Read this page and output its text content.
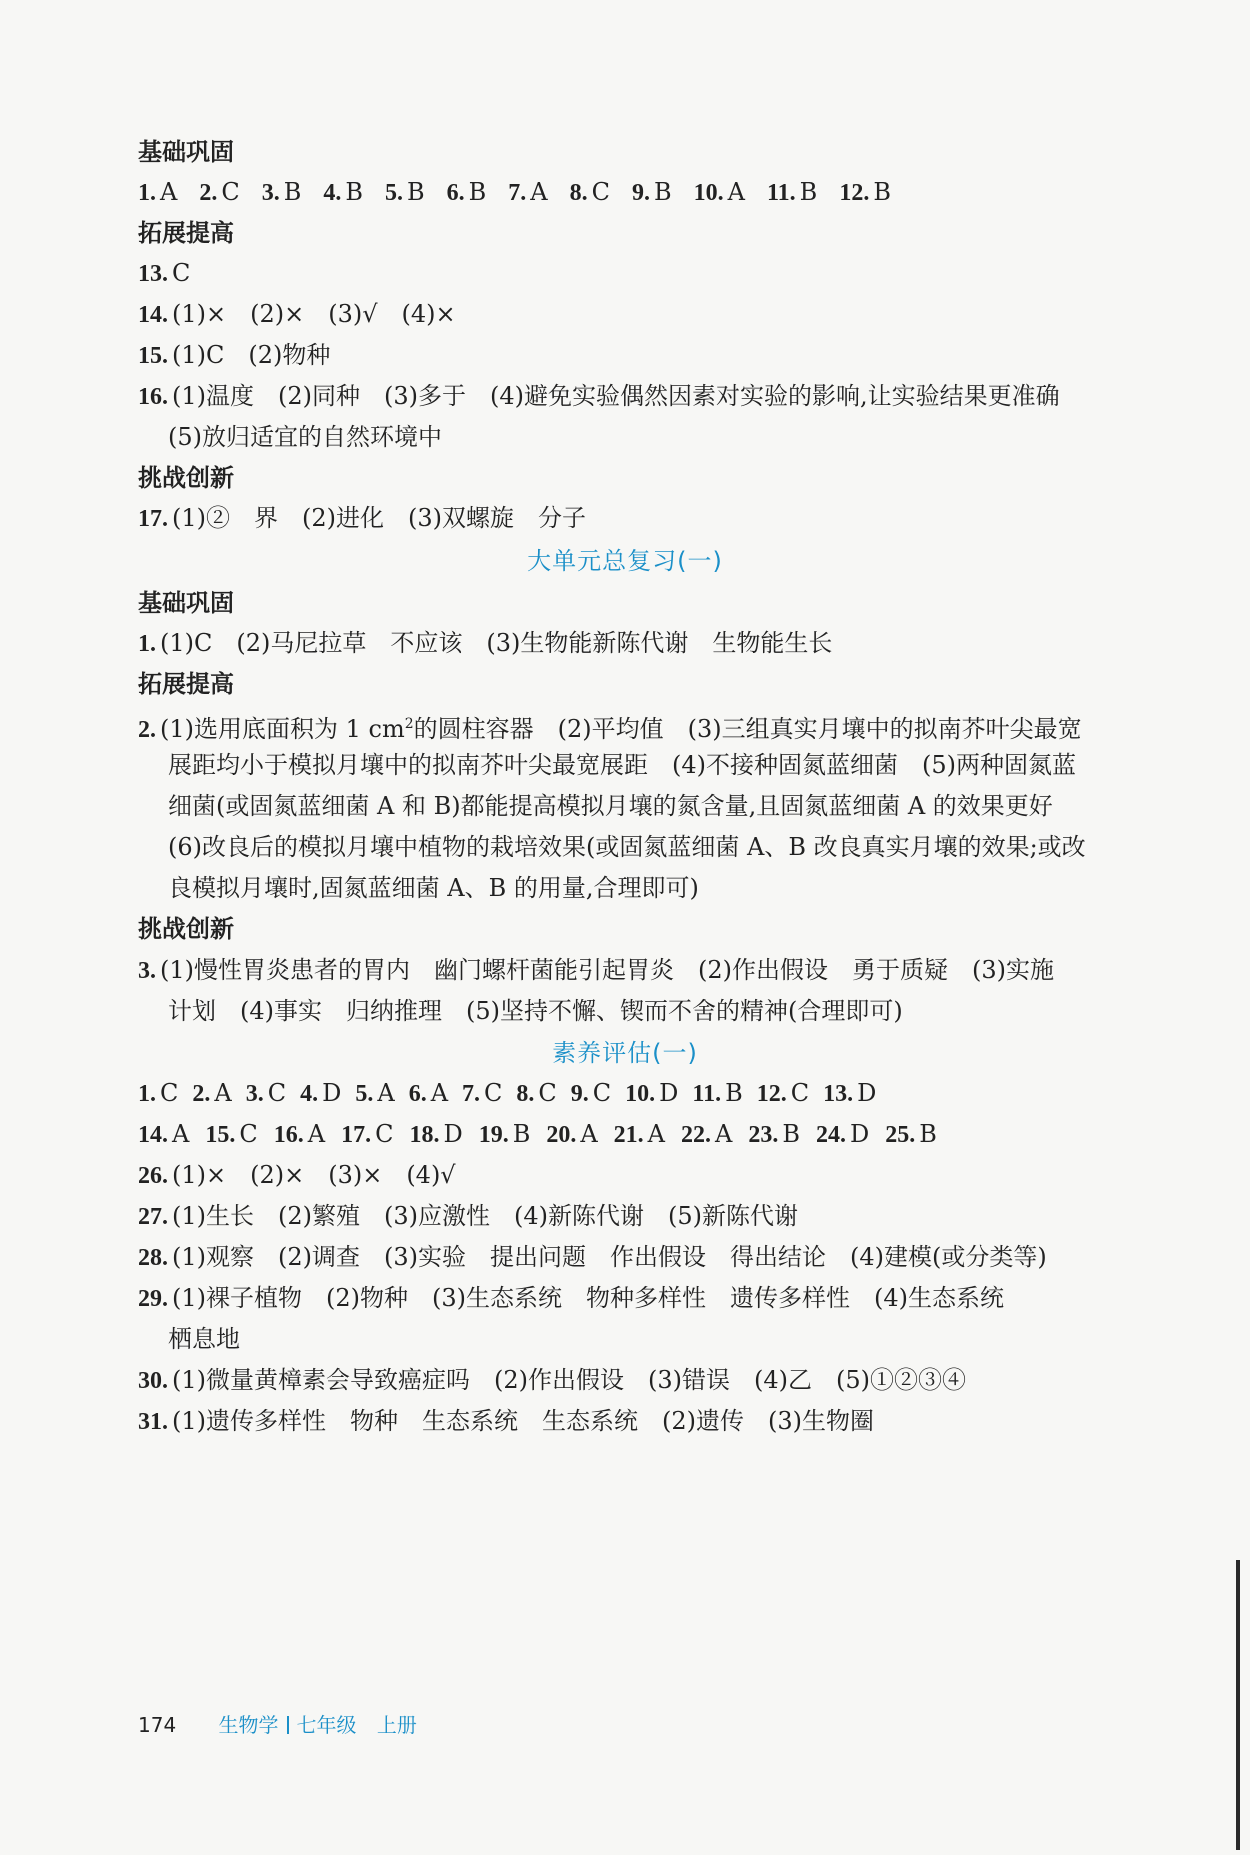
基础巩固
1. A 2. C 3. B 4. B 5. B 6. B 7. A 8. C 9. B 10. A 11. B 12. B
拓展提高
13. C
14. (1)×　(2)×　(3)√　(4)×
15. (1)C　(2)物种
16. (1)温度　(2)同种　(3)多于　(4)避免实验偶然因素对实验的影响,让实验结果更准确
(5)放归适宜的自然环境中
挑战创新
17. (1)②　界　(2)进化　(3)双螺旋　分子
大单元总复习(一)
基础巩固
1. (1)C　(2)马尼拉草　不应该　(3)生物能新陈代谢　生物能生长
拓展提高
2. (1)选用底面积为 1 $cm^2$的圆柱容器　(2)平均值　(3)三组真实月壤中的拟南芥叶尖最宽
展距均小于模拟月壤中的拟南芥叶尖最宽展距　(4)不接种固氮蓝细菌　(5)两种固氮蓝
细菌(或固氮蓝细菌 A 和 B)都能提高模拟月壤的氮含量,且固氮蓝细菌 A 的效果更好
(6)改良后的模拟月壤中植物的栽培效果(或固氮蓝细菌 A、B 改良真实月壤的效果;或改
良模拟月壤时,固氮蓝细菌 A、B 的用量,合理即可)
挑战创新
3. (1)慢性胃炎患者的胃内　幽门螺杆菌能引起胃炎　(2)作出假设　勇于质疑　(3)实施
计划　(4)事实　归纳推理　(5)坚持不懈、锲而不舍的精神(合理即可)
素养评估(一)
1. C 2. A 3. C 4. D 5. A 6. A 7. C 8. C 9. C 10. D 11. B 12. C 13. D
14. A 15. C 16. A 17. C 18. D 19. B 20. A 21. A 22. A 23. B 24. D 25. B
26. (1)×　(2)×　(3)×　(4)√
27. (1)生长　(2)繁殖　(3)应激性　(4)新陈代谢　(5)新陈代谢
28. (1)观察　(2)调查　(3)实验　提出问题　作出假设　得出结论　(4)建模(或分类等)
29. (1)裸子植物　(2)物种　(3)生态系统　物种多样性　遗传多样性　(4)生态系统
栖息地
30. (1)微量黄樟素会导致癌症吗　(2)作出假设　(3)错误　(4)乙　(5)①②③④
31. (1)遗传多样性　物种　生态系统　生态系统　(2)遗传　(3)生物圈
174 生物学 七年级 上册
